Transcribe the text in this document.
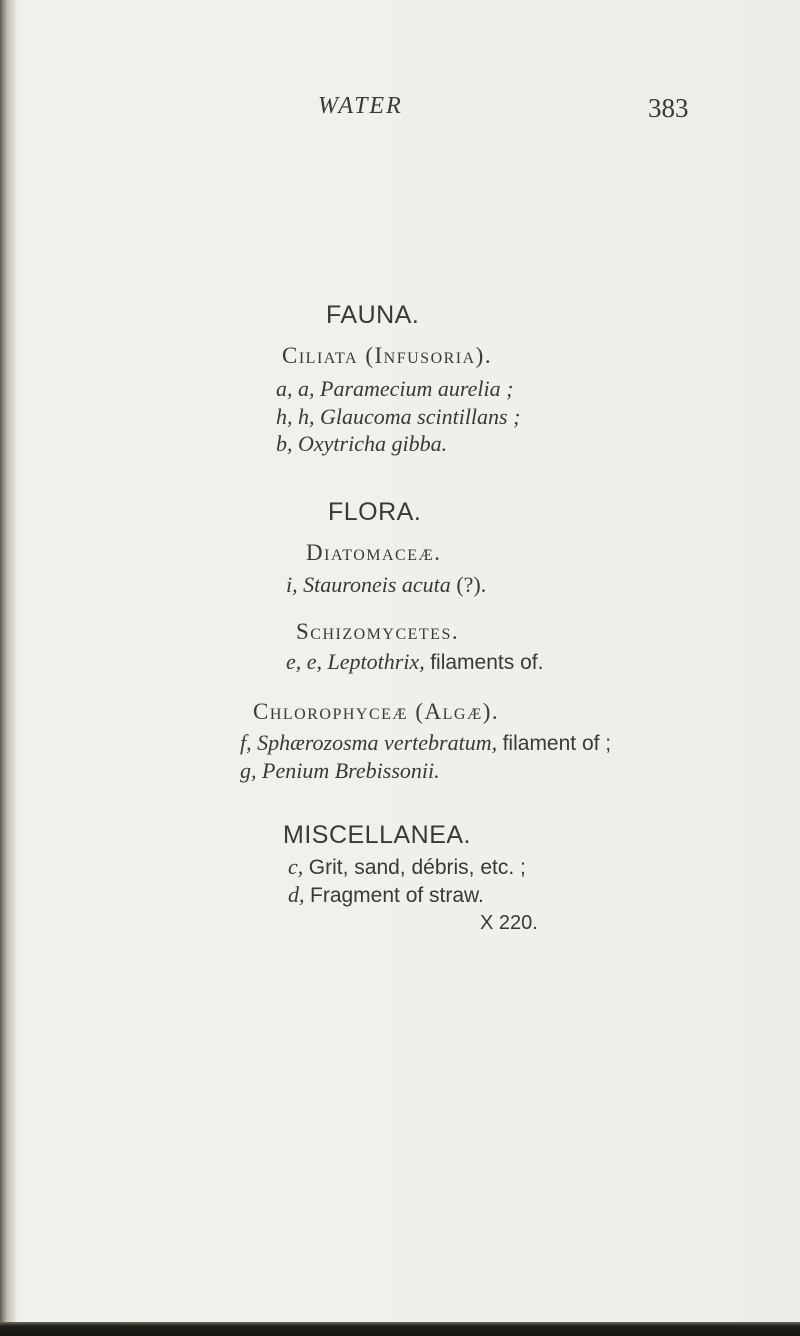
WATER	383
FAUNA.
Ciliata (Infusoria).
a, a, Paramecium aurelia ;
h, h, Glaucoma scintillans ;
b, Oxytricha gibba.
FLORA.
Diatomaceæ.
i, Stauroneis acuta (?).
Schizomycetes.
e, e, Leptothrix, filaments of.
Chlorophyceæ (Algæ).
f, Sphærozosma vertebratum, filament of ;
g, Penium Brebissonii.
MISCELLANEA.
c, Grit, sand, débris, etc. ;
d, Fragment of straw.
X 220.
